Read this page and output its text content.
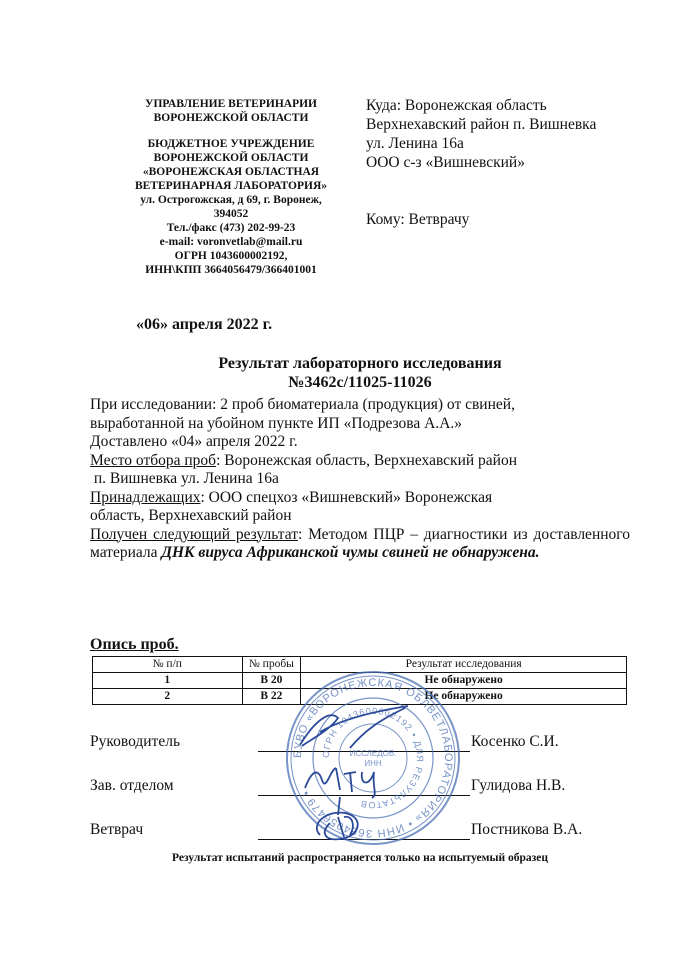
УПРАВЛЕНИЕ ВЕТЕРИНАРИИ
ВОРОНЕЖСКОЙ ОБЛАСТИ
БЮДЖЕТНОЕ УЧРЕЖДЕНИЕ
ВОРОНЕЖСКОЙ ОБЛАСТИ
«ВОРОНЕЖСКАЯ ОБЛАСТНАЯ
ВЕТЕРИНАРНАЯ ЛАБОРАТОРИЯ»
ул. Острогожская, д 69, г. Воронеж,
394052
Тел./факс (473) 202-99-23
e-mail: voronvetlab@mail.ru
ОГРН 1043600002192,
ИНН\КПП 3664056479/366401001
Куда: Воронежская область
Верхнехавский район п. Вишневка
ул. Ленина 16а
ООО с-з «Вишневский»
Кому: Ветврачу
«06» апреля 2022 г.
Результат лабораторного исследования
№3462с/11025-11026

При исследовании: 2 проб биоматериала (продукция) от свиней,

выработанной на убойном пункте ИП «Подрезова А.А.»

Доставлено «04» апреля 2022 г.

Место отбора проб: Воронежская область, Верхнехавский район

п. Вишневка ул. Ленина 16а

Принадлежащих: ООО спецхоз «Вишневский» Воронежская

область, Верхнехавский район

Получен следующий результат: Методом ПЦР – диагностики из доставленного материала ДНК вируса Африканской чумы свиней не обнаружена.

Опись проб.
№ п/п	№ пробы	Результат исследования
1	В 20	Не обнаружено
2	В 22	Не обнаружено
Руководитель	Косенко С.И.
Зав. отделом	Гулидова Н.В.
Ветврач	Постникова В.А.
БУВО «ВОРОНЕЖСКАЯ ОБЛВЕТЛАБОРАТОРИЯ» • ИНН 3664056479 •
ОГРН 1043600002192 • ДЛЯ РЕЗУЛЬТАТОВ
ИССЛЕДОВ.
ИНН
Результат испытаний распространяется только на испытуемый образец
